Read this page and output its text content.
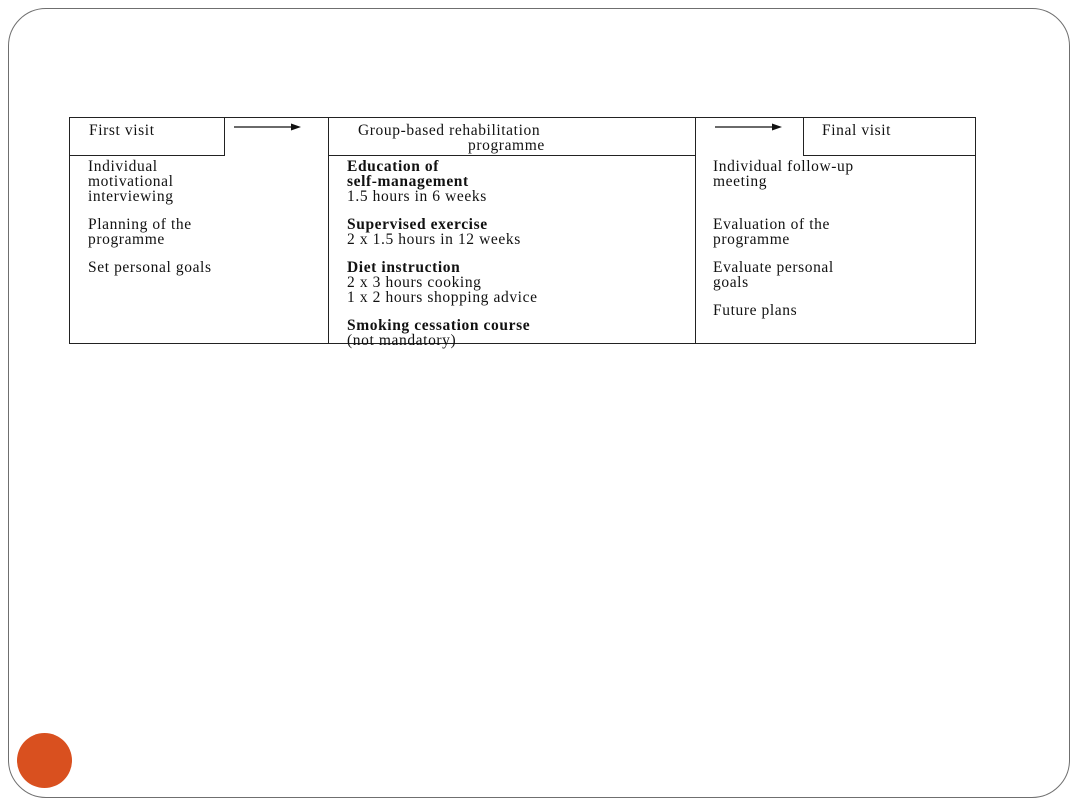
First visit	Group-based rehabilitation
programme
Final visit
Individual
motivational
interviewing
Planning of the
programme
Set personal goals
Education of
self-management
1.5 hours in 6 weeks
Supervised exercise
2 x 1.5 hours in 12 weeks
Diet instruction
2 x 3 hours cooking
1 x 2 hours shopping advice
Smoking cessation course
(not mandatory)
Individual follow-up
meeting
Evaluation of the
programme
Evaluate personal
goals
Future plans
